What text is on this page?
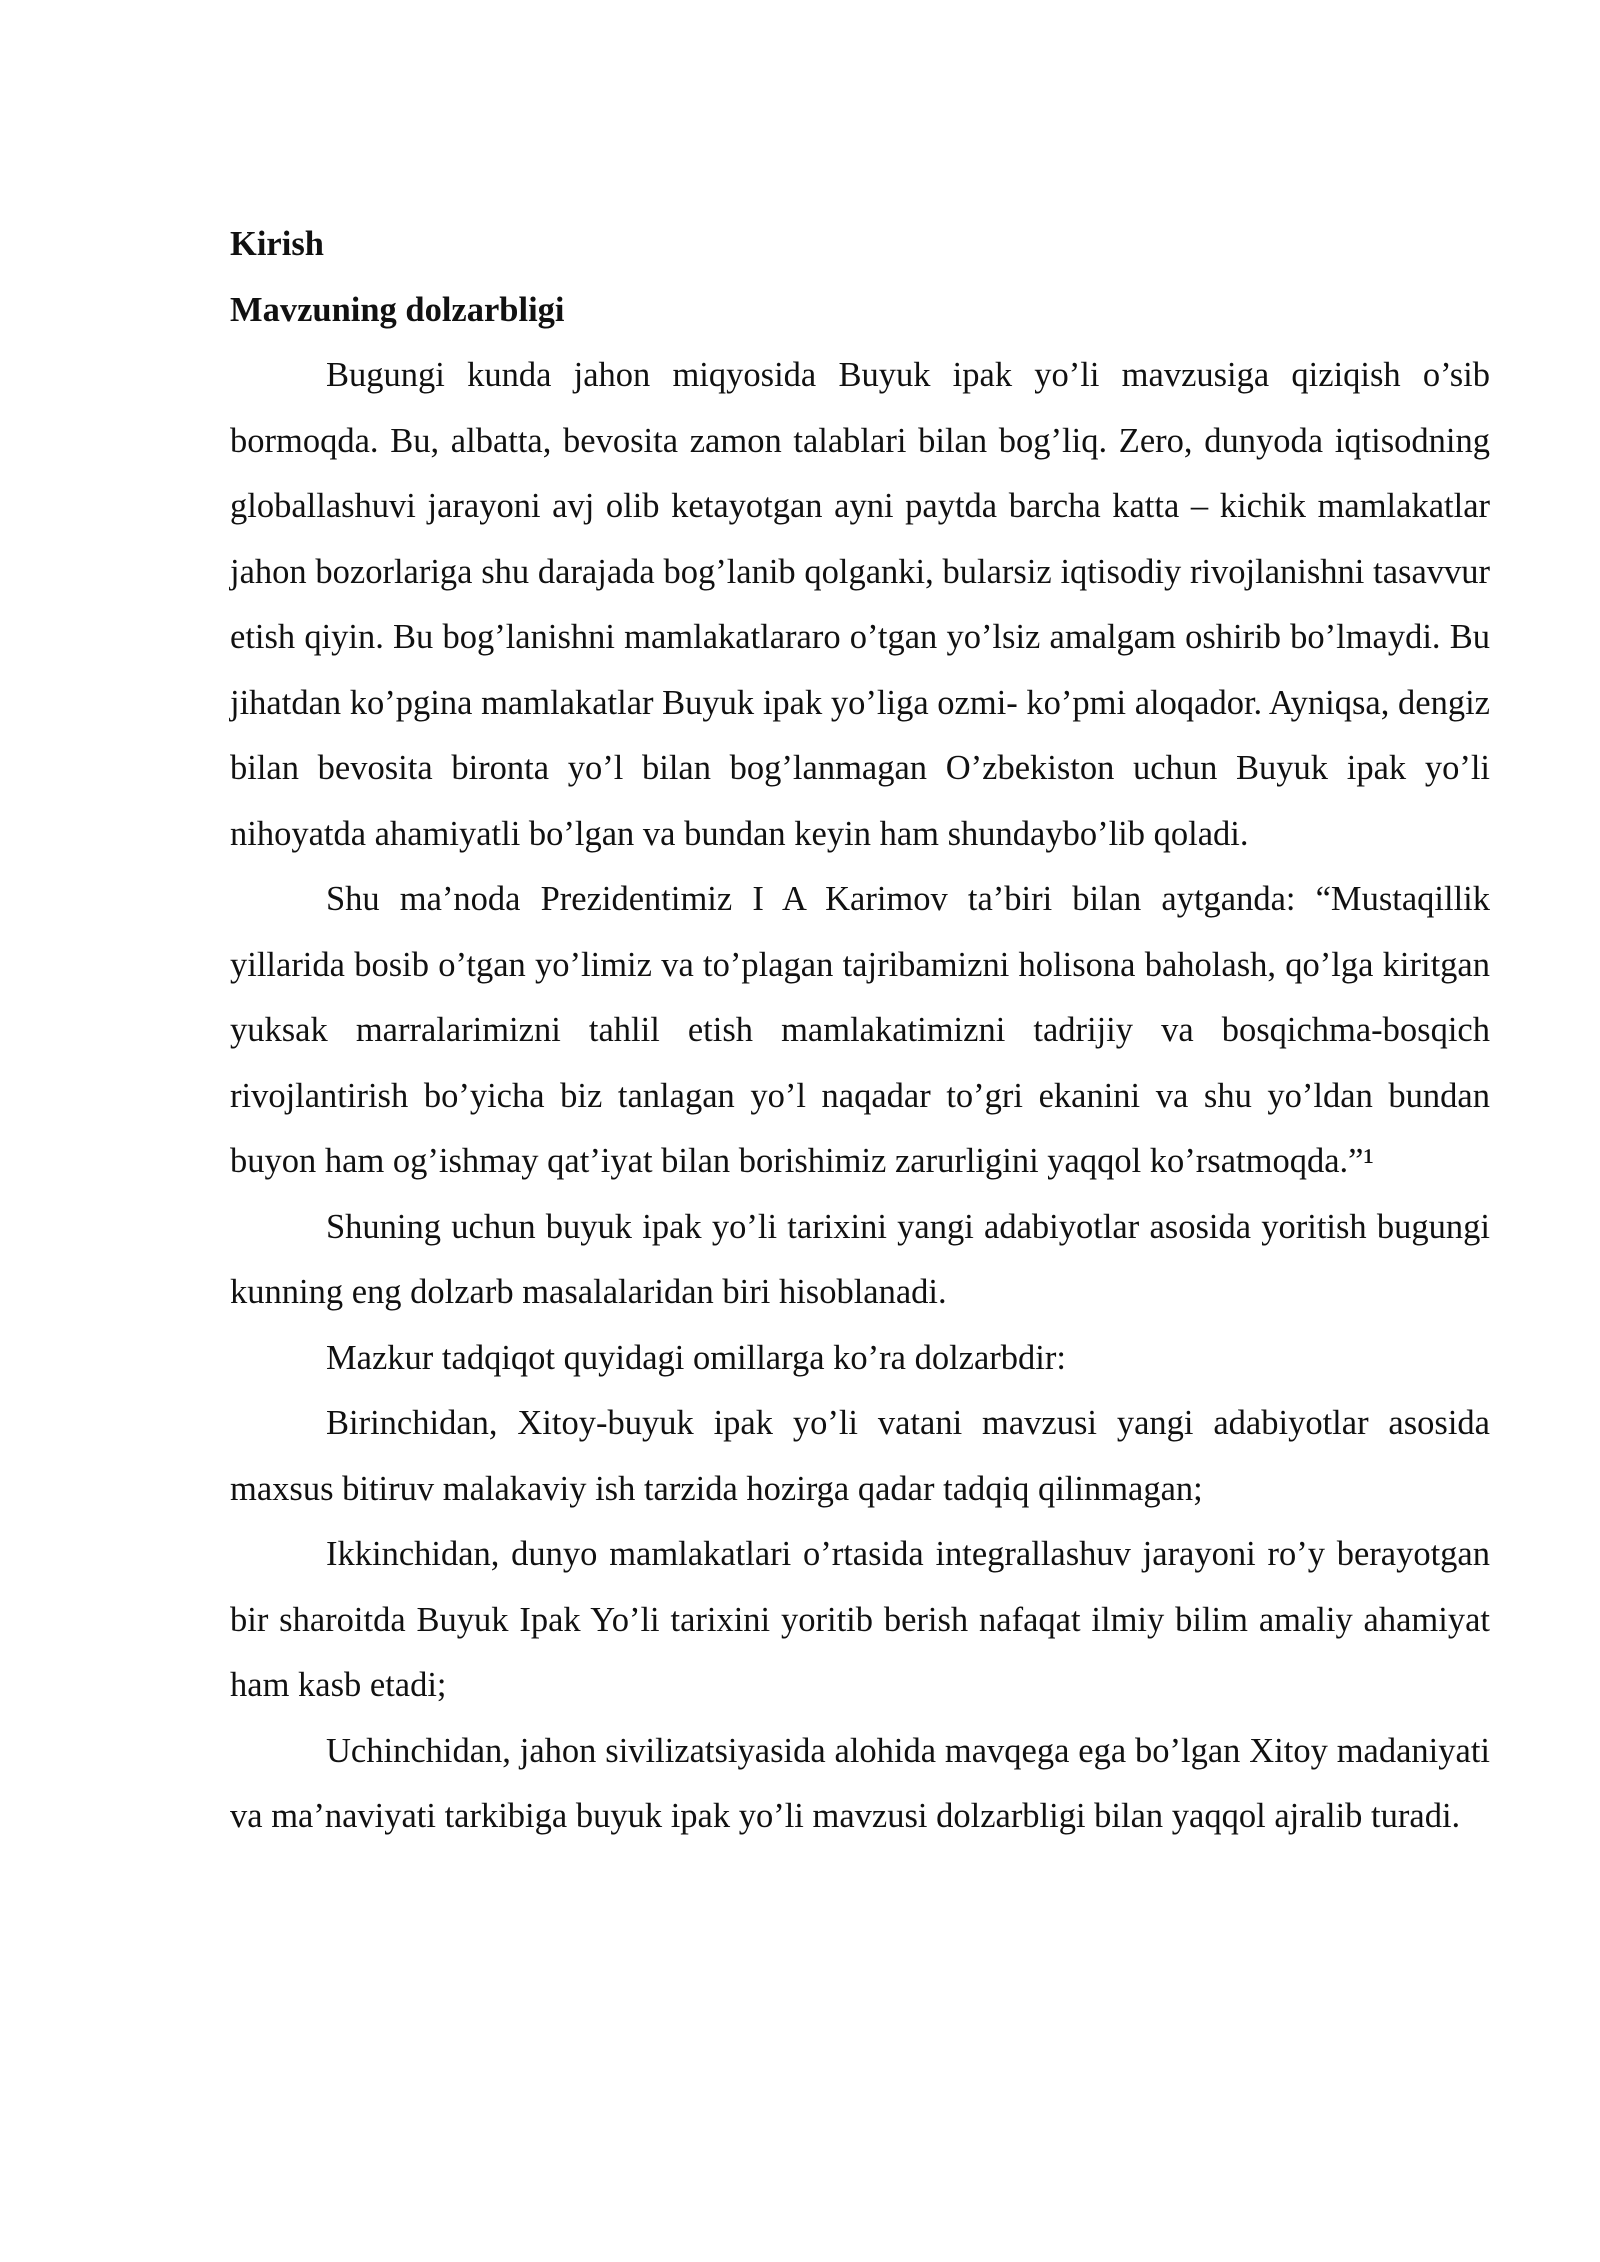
Kirish
Mavzuning dolzarbligi

Bugungi kunda jahon miqyosida Buyuk ipak yo’li mavzusiga qiziqish o’sib bormoqda. Bu, albatta, bevosita zamon talablari bilan bog’liq. Zero, dunyoda iqtisodning globallashuvi jarayoni avj olib ketayotgan ayni paytda barcha katta – kichik mamlakatlar jahon bozorlariga shu darajada bog’lanib qolganki, bularsiz iqtisodiy rivojlanishni tasavvur etish qiyin. Bu bog’lanishni mamlakatlararo o’tgan yo’lsiz amalgam oshirib bo’lmaydi. Bu jihatdan ko’pgina mamlakatlar Buyuk ipak yo’liga ozmi- ko’pmi aloqador. Ayniqsa, dengiz bilan bevosita bironta yo’l bilan bog’lanmagan O’zbekiston uchun Buyuk ipak yo’li nihoyatda ahamiyatli bo’lgan va bundan keyin ham shundaybo’lib qoladi.

Shu ma’noda Prezidentimiz I A Karimov ta’biri bilan aytganda: “Mustaqillik yillarida bosib o’tgan yo’limiz va to’plagan tajribamizni holisona baholash, qo’lga kiritgan yuksak marralarimizni tahlil etish mamlakatimizni tadrijiy va bosqichma-bosqich rivojlantirish bo’yicha biz tanlagan yo’l naqadar to’gri ekanini va shu yo’ldan bundan buyon ham og’ishmay qat’iyat bilan borishimiz zarurligini yaqqol ko’rsatmoqda.”¹

Shuning uchun buyuk ipak yo’li tarixini yangi adabiyotlar asosida yoritish bugungi kunning eng dolzarb masalalaridan biri hisoblanadi.

Mazkur tadqiqot quyidagi omillarga ko’ra dolzarbdir:

Birinchidan, Xitoy-buyuk ipak yo’li vatani mavzusi yangi adabiyotlar asosida maxsus bitiruv malakaviy ish tarzida hozirga qadar tadqiq qilinmagan;

Ikkinchidan, dunyo mamlakatlari o’rtasida integrallashuv jarayoni ro’y berayotgan bir sharoitda Buyuk Ipak Yo’li tarixini yoritib berish nafaqat ilmiy bilim amaliy ahamiyat ham kasb etadi;

Uchinchidan, jahon sivilizatsiyasida alohida mavqega ega bo’lgan Xitoy madaniyati va ma’naviyati tarkibiga buyuk ipak yo’li mavzusi dolzarbligi bilan yaqqol ajralib turadi.
